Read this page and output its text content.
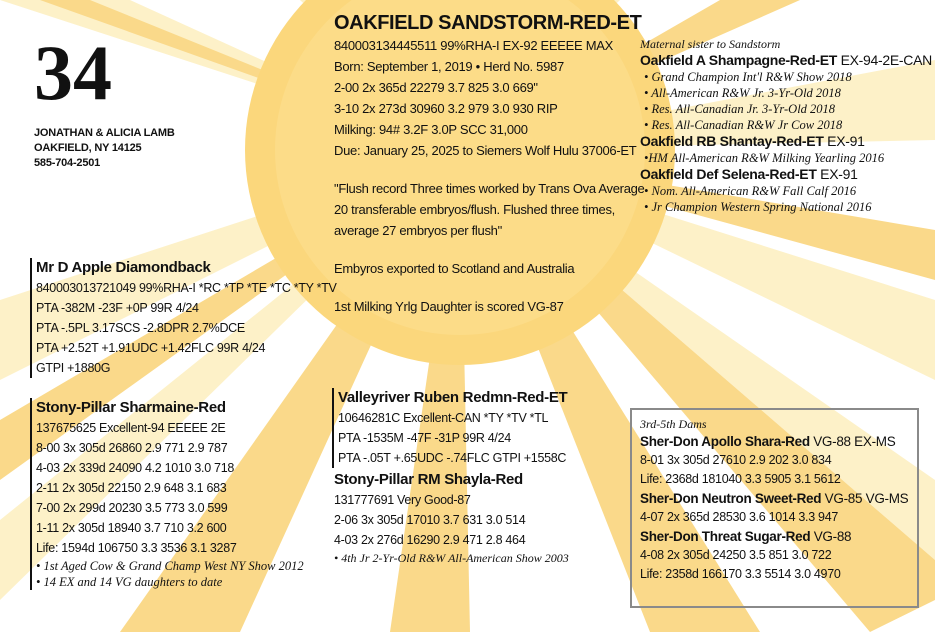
34
JONATHAN & ALICIA LAMB
OAKFIELD, NY 14125
585-704-2501
OAKFIELD SANDSTORM-RED-ET
840003134445511 99%RHA-I EX-92 EEEEE MAX
Born: September 1, 2019 • Herd No. 5987
2-00 2x 365d 22279 3.7 825 3.0 669"
3-10 2x 273d 30960 3.2 979 3.0 930 RIP
Milking: 94# 3.2F 3.0P SCC 31,000
Due: January 25, 2025 to Siemers Wolf Hulu 37006-ET
"Flush record Three times worked by Trans Ova Average
20 transferable embryos/flush. Flushed three times,
average 27 embryos per flush"
Embyros exported to Scotland and Australia
1st Milking Yrlg Daughter is scored VG-87
Maternal sister to Sandstorm
Oakfield A Shampagne-Red-ET EX-94-2E-CAN
• Grand Champion Int'l R&W Show 2018
• All-American R&W Jr. 3-Yr-Old 2018
• Res. All-Canadian Jr. 3-Yr-Old 2018
• Res. All-Canadian R&W Jr Cow 2018
Oakfield RB Shantay-Red-ET EX-91
•HM All-American R&W Milking Yearling 2016
Oakfield Def Selena-Red-ET EX-91
• Nom. All-American R&W Fall Calf 2016
• Jr Champion Western Spring National 2016
Mr D Apple Diamondback
840003013721049 99%RHA-I *RC *TP *TE *TC *TY *TV
PTA -382M -23F +0P 99R 4/24
PTA -.5PL 3.17SCS -2.8DPR 2.7%DCE
PTA +2.52T +1.91UDC +1.42FLC 99R 4/24
GTPI +1880G
Stony-Pillar Sharmaine-Red
137675625 Excellent-94 EEEEE 2E
8-00 3x 305d 26860 2.9 771 2.9 787
4-03 2x 339d 24090 4.2 1010 3.0 718
2-11 2x 305d 22150 2.9 648 3.1 683
7-00 2x 299d 20230 3.5 773 3.0 599
1-11 2x 305d 18940 3.7 710 3.2 600
Life: 1594d 106750 3.3 3536 3.1 3287
• 1st Aged Cow & Grand Champ West NY Show 2012
• 14 EX and 14 VG daughters to date
Valleyriver Ruben Redmn-Red-ET
10646281C Excellent-CAN *TY *TV *TL
PTA -1535M -47F -31P 99R 4/24
PTA -.05T +.65UDC -.74FLC GTPI +1558C
Stony-Pillar RM Shayla-Red
131777691 Very Good-87
2-06 3x 305d 17010 3.7 631 3.0 514
4-03 2x 276d 16290 2.9 471 2.8 464
• 4th Jr 2-Yr-Old R&W All-American Show 2003
3rd-5th Dams
Sher-Don Apollo Shara-Red VG-88 EX-MS
8-01 3x 305d 27610 2.9 202 3.0 834
Life: 2368d 181040 3.3 5905 3.1 5612
Sher-Don Neutron Sweet-Red VG-85 VG-MS
4-07 2x 365d 28530 3.6 1014 3.3 947
Sher-Don Threat Sugar-Red VG-88
4-08 2x 305d 24250 3.5 851 3.0 722
Life: 2358d 166170 3.3 5514 3.0 4970
